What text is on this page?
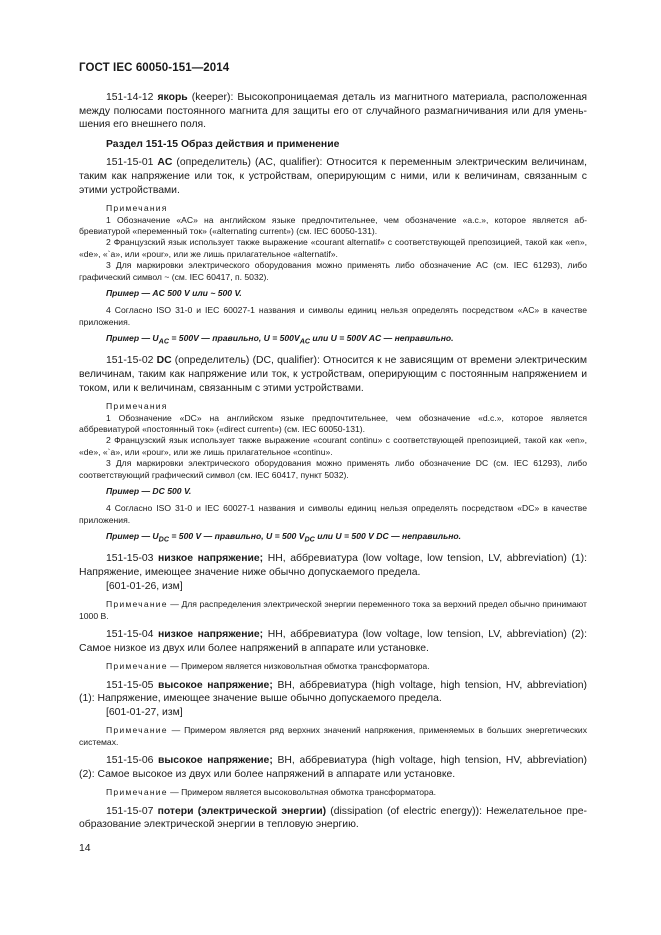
ГОСТ IEC 60050-151—2014

151-14-12 якорь (keeper): Высокопроницаемая деталь из магнитного материала, расположенная между полюсами постоянного магнита для защиты его от случайного размагничивания или для уменьшения его внешнего поля.

Раздел 151-15 Образ действия и применение

151-15-01 AC (определитель) (AC, qualifier): Относится к переменным электрическим величинам, таким как напряжение или ток, к устройствам, оперирующим с ними, или к величинам, связанным с этими устройствами.

Примечания

1 Обозначение «AC» на английском языке предпочтительнее, чем обозначение «a.c.», которое является аббревиатурой «переменный ток» («alternating current») (см. IEC 60050-131).

2 Французский язык использует также выражение «courant alternatif» с соответствующей препозицией, такой как «en», «de», «`a», или «pour», или же лишь прилагательное «alternatif».

3 Для маркировки электрического оборудования можно применять либо обозначение AC (см. IEC 61293), либо графический символ ~ (см. IEC 60417, п. 5032).

Пример — AC 500 V или ~ 500 V.

4 Согласно ISO 31-0 и IEC 60027-1 названия и символы единиц нельзя определять посредством «AC» в качестве приложения.

Пример — $U_{AC} = 500V$ — правильно, $U = 500V_{AC}$ или U = 500V AC — неправильно.

151-15-02 DC (определитель) (DC, qualifier): Относится к не зависящим от времени электрическим величинам, таким как напряжение или ток, к устройствам, оперирующим с постоянным напряжением и током, или к величинам, связанным с этими устройствами.

Примечания

1 Обозначение «DC» на английском языке предпочтительнее, чем обозначение «d.c.», которое является аббревиатурой «постоянный ток» («direct current») (см. IEC 60050-131).

2 Французский язык использует также выражение «courant continu» с соответствующей препозицией, такой как «en», «de», «`a», или «pour», или же лишь прилагательное «continu».

3 Для маркировки электрического оборудования можно применять либо обозначение DC (см. IEC 61293), либо соответствующий графический символ (см. IEC 60417, пункт 5032).

Пример — DC 500 V.

4 Согласно ISO 31-0 и IEC 60027-1 названия и символы единиц нельзя определять посредством «DC» в качестве приложения.

Пример — $U_{DC} = 500$ V — правильно, U = 500 $V_{DC}$ или U = 500 V DC — неправильно.

151-15-03 низкое напряжение; НН, аббревиатура (low voltage, low tension, LV, abbreviation) (1): Напряжение, имеющее значение ниже обычно допускаемого предела.

[601-01-26, изм]

Примечание — Для распределения электрической энергии переменного тока за верхний предел обычно принимают 1000 В.

151-15-04 низкое напряжение; НН, аббревиатура (low voltage, low tension, LV, abbreviation) (2): Самое низкое из двух или более напряжений в аппарате или установке.

Примечание — Примером является низковольтная обмотка трансформатора.

151-15-05 высокое напряжение; ВН, аббревиатура (high voltage, high tension, HV, abbreviation) (1): Напряжение, имеющее значение выше обычно допускаемого предела.

[601-01-27, изм]

Примечание — Примером является ряд верхних значений напряжения, применяемых в больших энергетических системах.

151-15-06 высокое напряжение; ВН, аббревиатура (high voltage, high tension, HV, abbreviation) (2): Самое высокое из двух или более напряжений в аппарате или установке.

Примечание — Примером является высоковольтная обмотка трансформатора.

151-15-07 потери (электрической энергии) (dissipation (of electric energy)): Нежелательное преобразование электрической энергии в тепловую энергию.

14
